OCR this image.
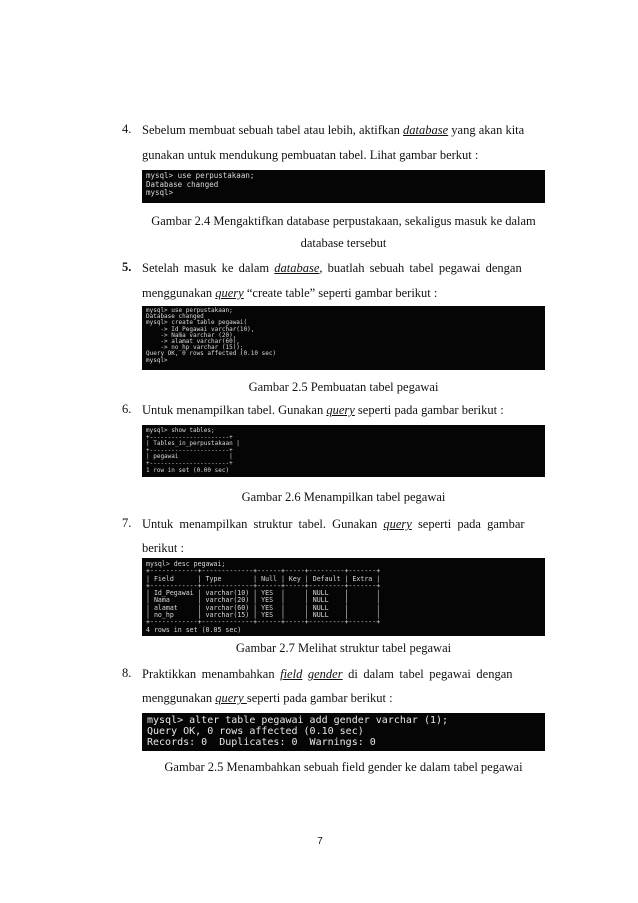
4. Sebelum membuat sebuah tabel atau lebih, aktifkan database yang akan kita
gunakan untuk mendukung pembuatan tabel. Lihat gambar berkut :
mysql> use perpustakaan;
Database changed
mysql>
Gambar 2.4 Mengaktifkan database perpustakaan, sekaligus masuk ke dalam
database tersebut
5. Setelah masuk ke dalam database, buatlah sebuah tabel pegawai dengan
menggunakan query “create table” seperti gambar berikut :
mysql> use perpustakaan;
Database changed
mysql> create table pegawai(
-> Id_Pegawai varchar(10),
-> Nama varchar (20),
-> alamat varchar(60),
-> no_hp varchar (15));
Query OK, 0 rows affected (0.10 sec)
mysql>
Gambar 2.5 Pembuatan tabel pegawai
6. Untuk menampilkan tabel. Gunakan query seperti pada gambar berikut :
mysql> show tables;
+----------------------+
| Tables_in_perpustakaan |
+----------------------+
| pegawai              |
+----------------------+
1 row in set (0.00 sec)
Gambar 2.6 Menampilkan tabel pegawai
7. Untuk menampilkan struktur tabel. Gunakan query seperti pada gambar
berikut :
mysql> desc pegawai;
+------------+-------------+------+-----+---------+-------+
| Field      | Type        | Null | Key | Default | Extra |
+------------+-------------+------+-----+---------+-------+
| Id_Pegawai | varchar(10) | YES  |     | NULL    |       |
| Nama       | varchar(20) | YES  |     | NULL    |       |
| alamat     | varchar(60) | YES  |     | NULL    |       |
| no_hp      | varchar(15) | YES  |     | NULL    |       |
+------------+-------------+------+-----+---------+-------+
4 rows in set (0.05 sec)
Gambar 2.7 Melihat struktur tabel pegawai
8. Praktikkan menambahkan field gender di dalam tabel pegawai dengan
menggunakan query seperti pada gambar berikut :
mysql> alter table pegawai add gender varchar (1);
Query OK, 0 rows affected (0.10 sec)
Records: 0  Duplicates: 0  Warnings: 0
Gambar 2.5 Menambahkan sebuah field gender ke dalam tabel pegawai
7
